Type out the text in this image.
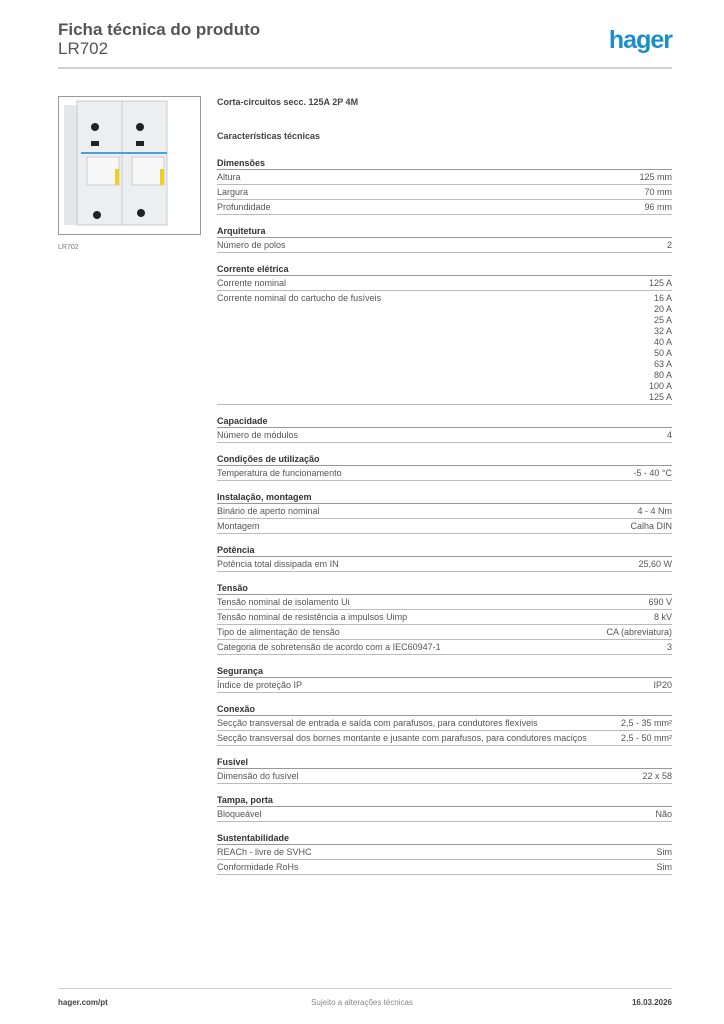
Ficha técnica do produto
LR702	hager
LR702
Corta-circuitos secc. 125A 2P 4M
Características técnicas
Dimensões
Altura	125 mm
Largura	70 mm
Profundidade	96 mm
Arquitetura
Número de polos	2
Corrente elétrica
Corrente nominal	125 A
Corrente nominal do cartucho de fusíveis	16 A
20 A
25 A
32 A
40 A
50 A
63 A
80 A
100 A
125 A
Capacidade
Número de módulos	4
Condições de utilização
Temperatura de funcionamento	-5 - 40 °C
Instalação, montagem
Binário de aperto nominal	4 - 4 Nm
Montagem	Calha DIN
Potência
Potência total dissipada em IN	25,60 W
Tensão
Tensão nominal de isolamento Ui	690 V
Tensão nominal de resistência a impulsos Uimp	8 kV
Tipo de alimentação de tensão	CA (abreviatura)
Categoria de sobretensão de acordo com a IEC60947-1	3
Segurança
Índice de proteção IP	IP20
Conexão
Secção transversal de entrada e saída com parafusos, para condutores flexíveis	2,5 - 35 mm²
Secção transversal dos bornes montante e jusante com parafusos, para condutores maciços	2,5 - 50 mm²
Fusível
Dimensão do fusível	22 x 58
Tampa, porta
Bloqueável	Não
Sustentabilidade
REACh - livre de SVHC	Sim
Conformidade RoHs	Sim
hager.com/pt	Sujeito a alterações técnicas	16.03.2026
